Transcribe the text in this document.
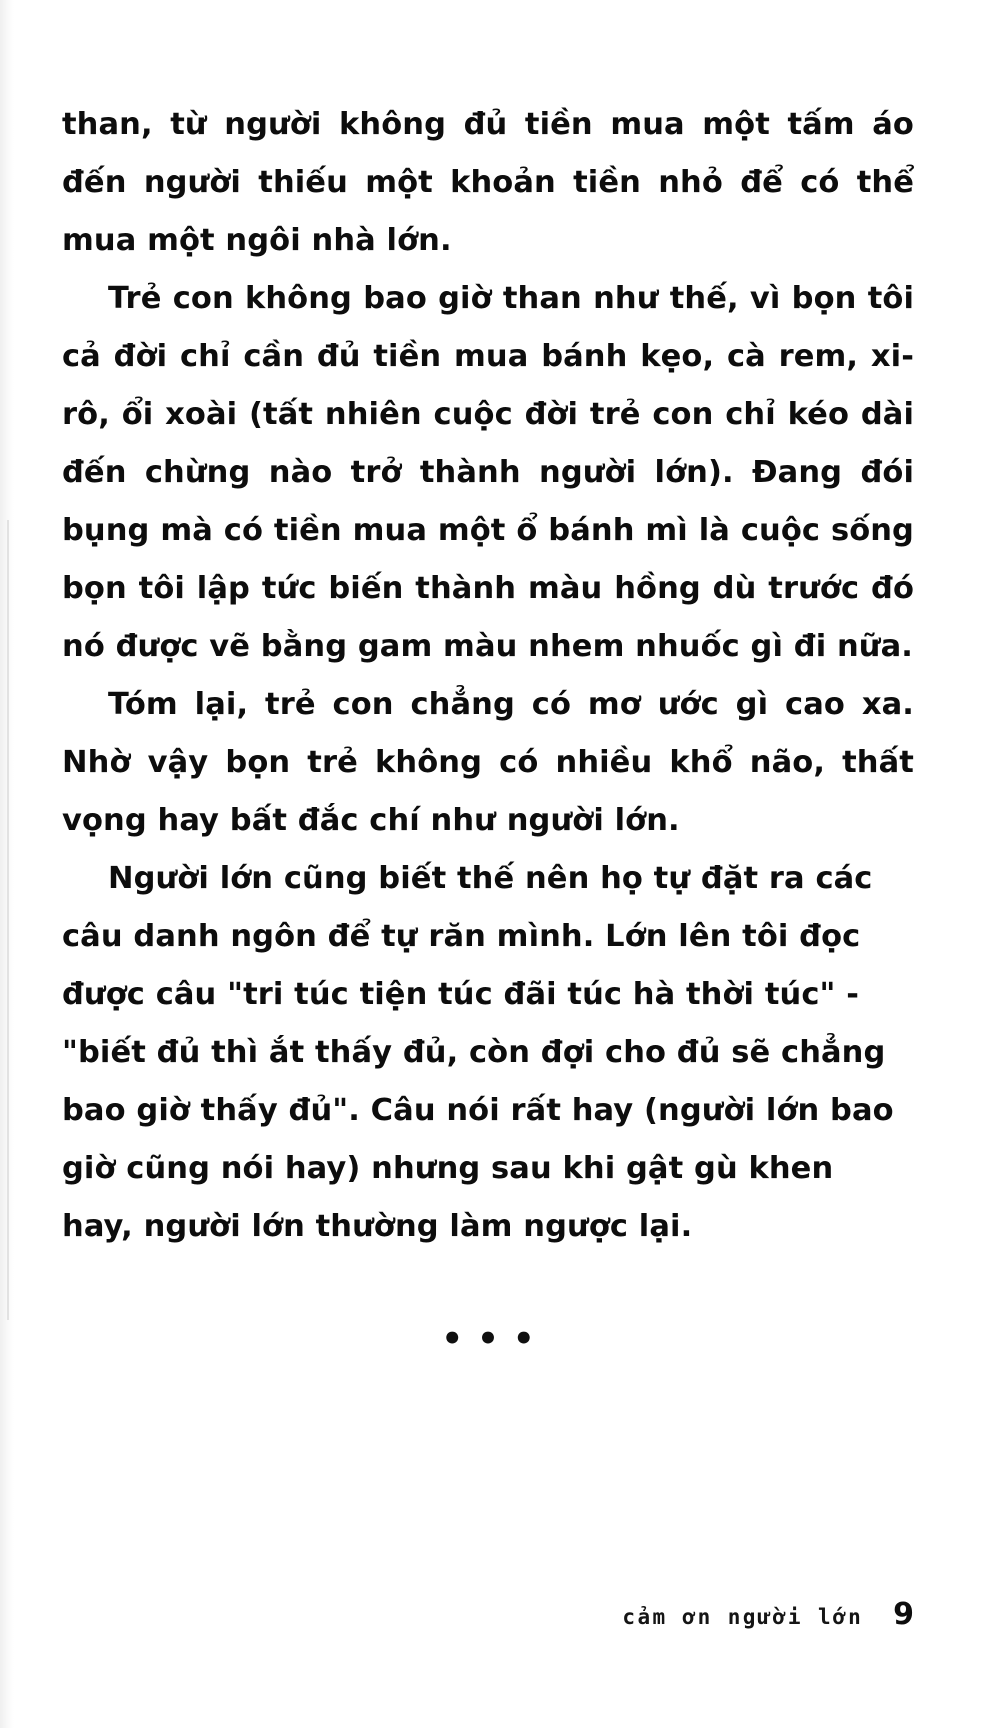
than, từ người không đủ tiền mua một tấm áo đến người thiếu một khoản tiền nhỏ để có thể mua một ngôi nhà lớn.

Trẻ con không bao giờ than như thế, vì bọn tôi cả đời chỉ cần đủ tiền mua bánh kẹo, cà rem, xi-rô, ổi xoài (tất nhiên cuộc đời trẻ con chỉ kéo dài đến chừng nào trở thành người lớn). Đang đói bụng mà có tiền mua một ổ bánh mì là cuộc sống bọn tôi lập tức biến thành màu hồng dù trước đó nó được vẽ bằng gam màu nhem nhuốc gì đi nữa.

Tóm lại, trẻ con chẳng có mơ ước gì cao xa. Nhờ vậy bọn trẻ không có nhiều khổ não, thất vọng hay bất đắc chí như người lớn.

Người lớn cũng biết thế nên họ tự đặt ra các câu danh ngôn để tự răn mình. Lớn lên tôi đọc được câu "tri túc tiện túc đãi túc hà thời túc" - "biết đủ thì ắt thấy đủ, còn đợi cho đủ sẽ chẳng bao giờ thấy đủ". Câu nói rất hay (người lớn bao giờ cũng nói hay) nhưng sau khi gật gù khen hay, người lớn thường làm ngược lại.

•••
cảm ơn người lớn 9
